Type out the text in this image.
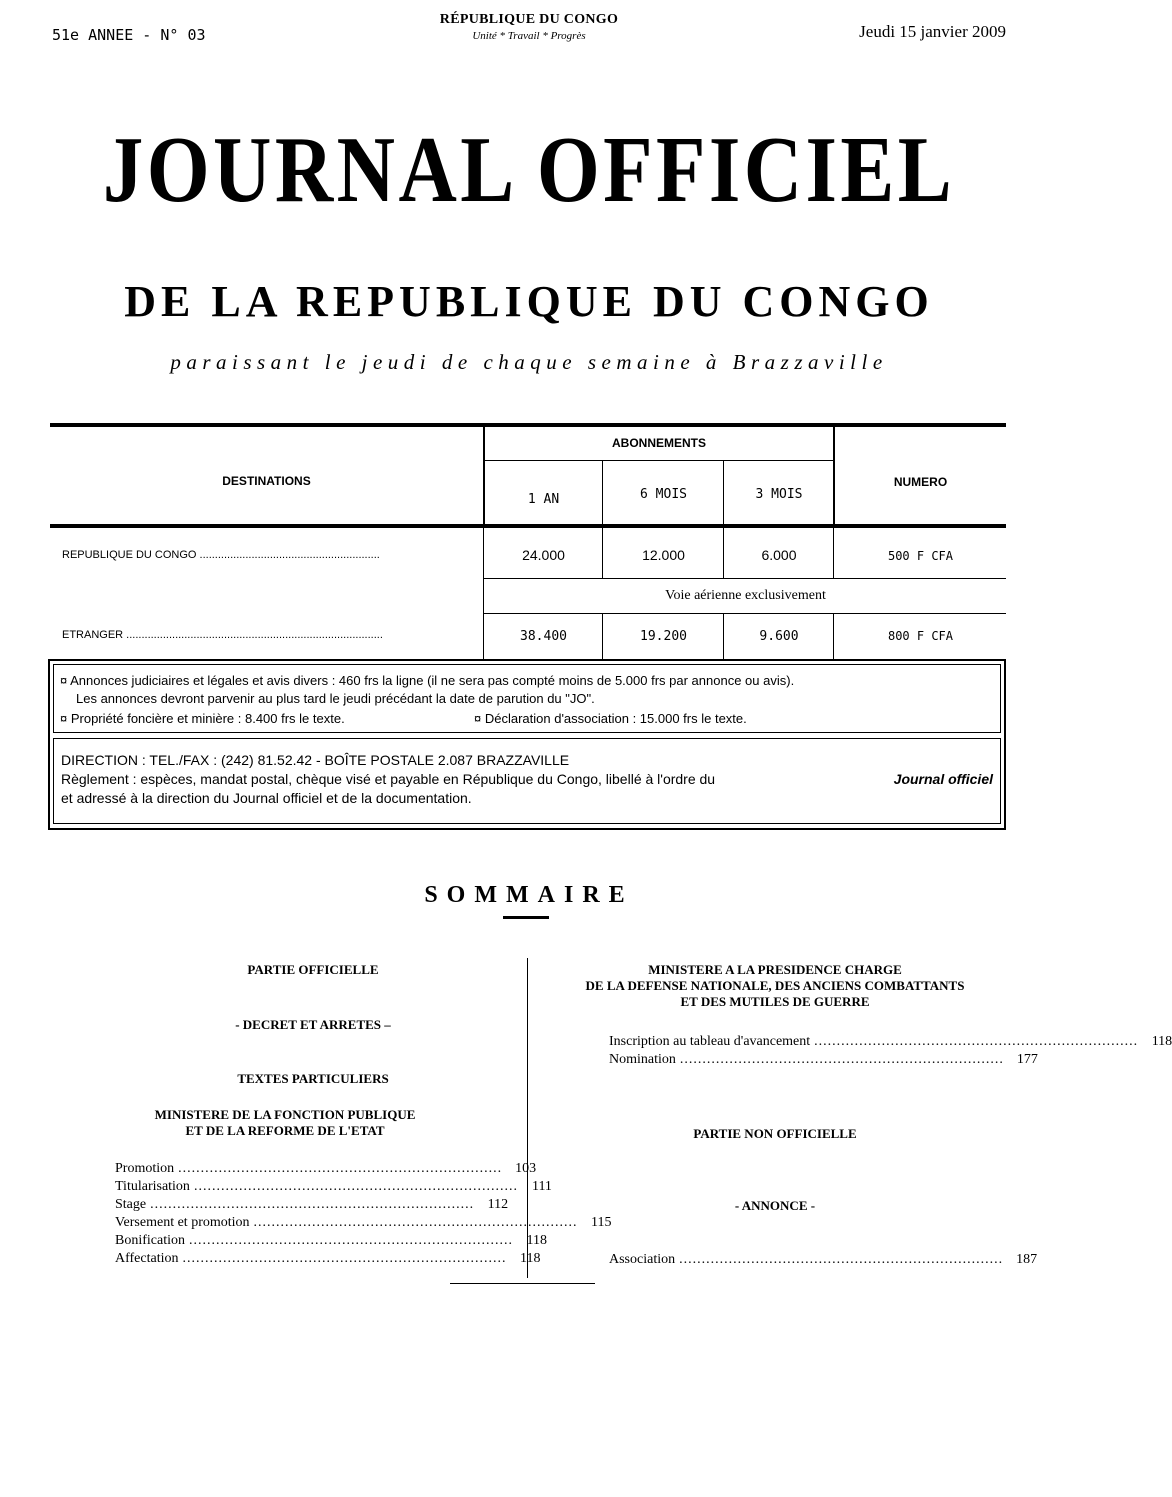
51e ANNEE - N° 03
RÉPUBLIQUE DU CONGO
Unité * Travail * Progrès	Jeudi 15 janvier 2009
JOURNAL OFFICIEL
DE LA REPUBLIQUE DU CONGO
paraissant le jeudi de chaque semaine à Brazzaville
DESTINATIONS
ABONNEMENTS
NUMERO
1 AN	6 MOIS	3 MOIS
REPUBLIQUE DU CONGO ...........................................................	24.000	12.000	6.000	500 F CFA
Voie aérienne exclusivement
ETRANGER ....................................................................................	38.400	19.200	9.600	800 F CFA
¤ Annonces judiciaires et légales et avis divers : 460 frs la ligne (il ne sera pas compté moins de 5.000 frs par annonce ou avis).
Les annonces devront parvenir au plus tard le jeudi précédant la date de parution du "JO".
¤ Propriété foncière et minière : 8.400 frs le texte.	¤ Déclaration d'association : 15.000 frs le texte.
DIRECTION : TEL./FAX : (242) 81.52.42 - BOÎTE POSTALE 2.087 BRAZZAVILLE
Règlement : espèces, mandat postal, chèque visé et payable en République du Congo, libellé à l'ordre du	Journal officiel
et adressé à la direction du Journal officiel et de la documentation.
SOMMAIRE
PARTIE OFFICIELLE
- DECRET ET ARRETES –
TEXTES PARTICULIERS
MINISTERE DE LA FONCTION PUBLIQUE
ET DE LA REFORME DE L'ETAT
Promotion ........................................................................ 103
Titularisation ........................................................................	111
Stage ........................................................................ 112
Versement et promotion ........................................................................ 115
Bonification ........................................................................ 118
Affectation ........................................................................ 118
MINISTERE A LA PRESIDENCE CHARGE
DE LA DEFENSE NATIONALE, DES ANCIENS COMBATTANTS
ET DES MUTILES DE GUERRE
Inscription au tableau d'avancement ........................................................................ 118
Nomination ........................................................................ 177
PARTIE NON OFFICIELLE
- ANNONCE -
Association ........................................................................ 187
